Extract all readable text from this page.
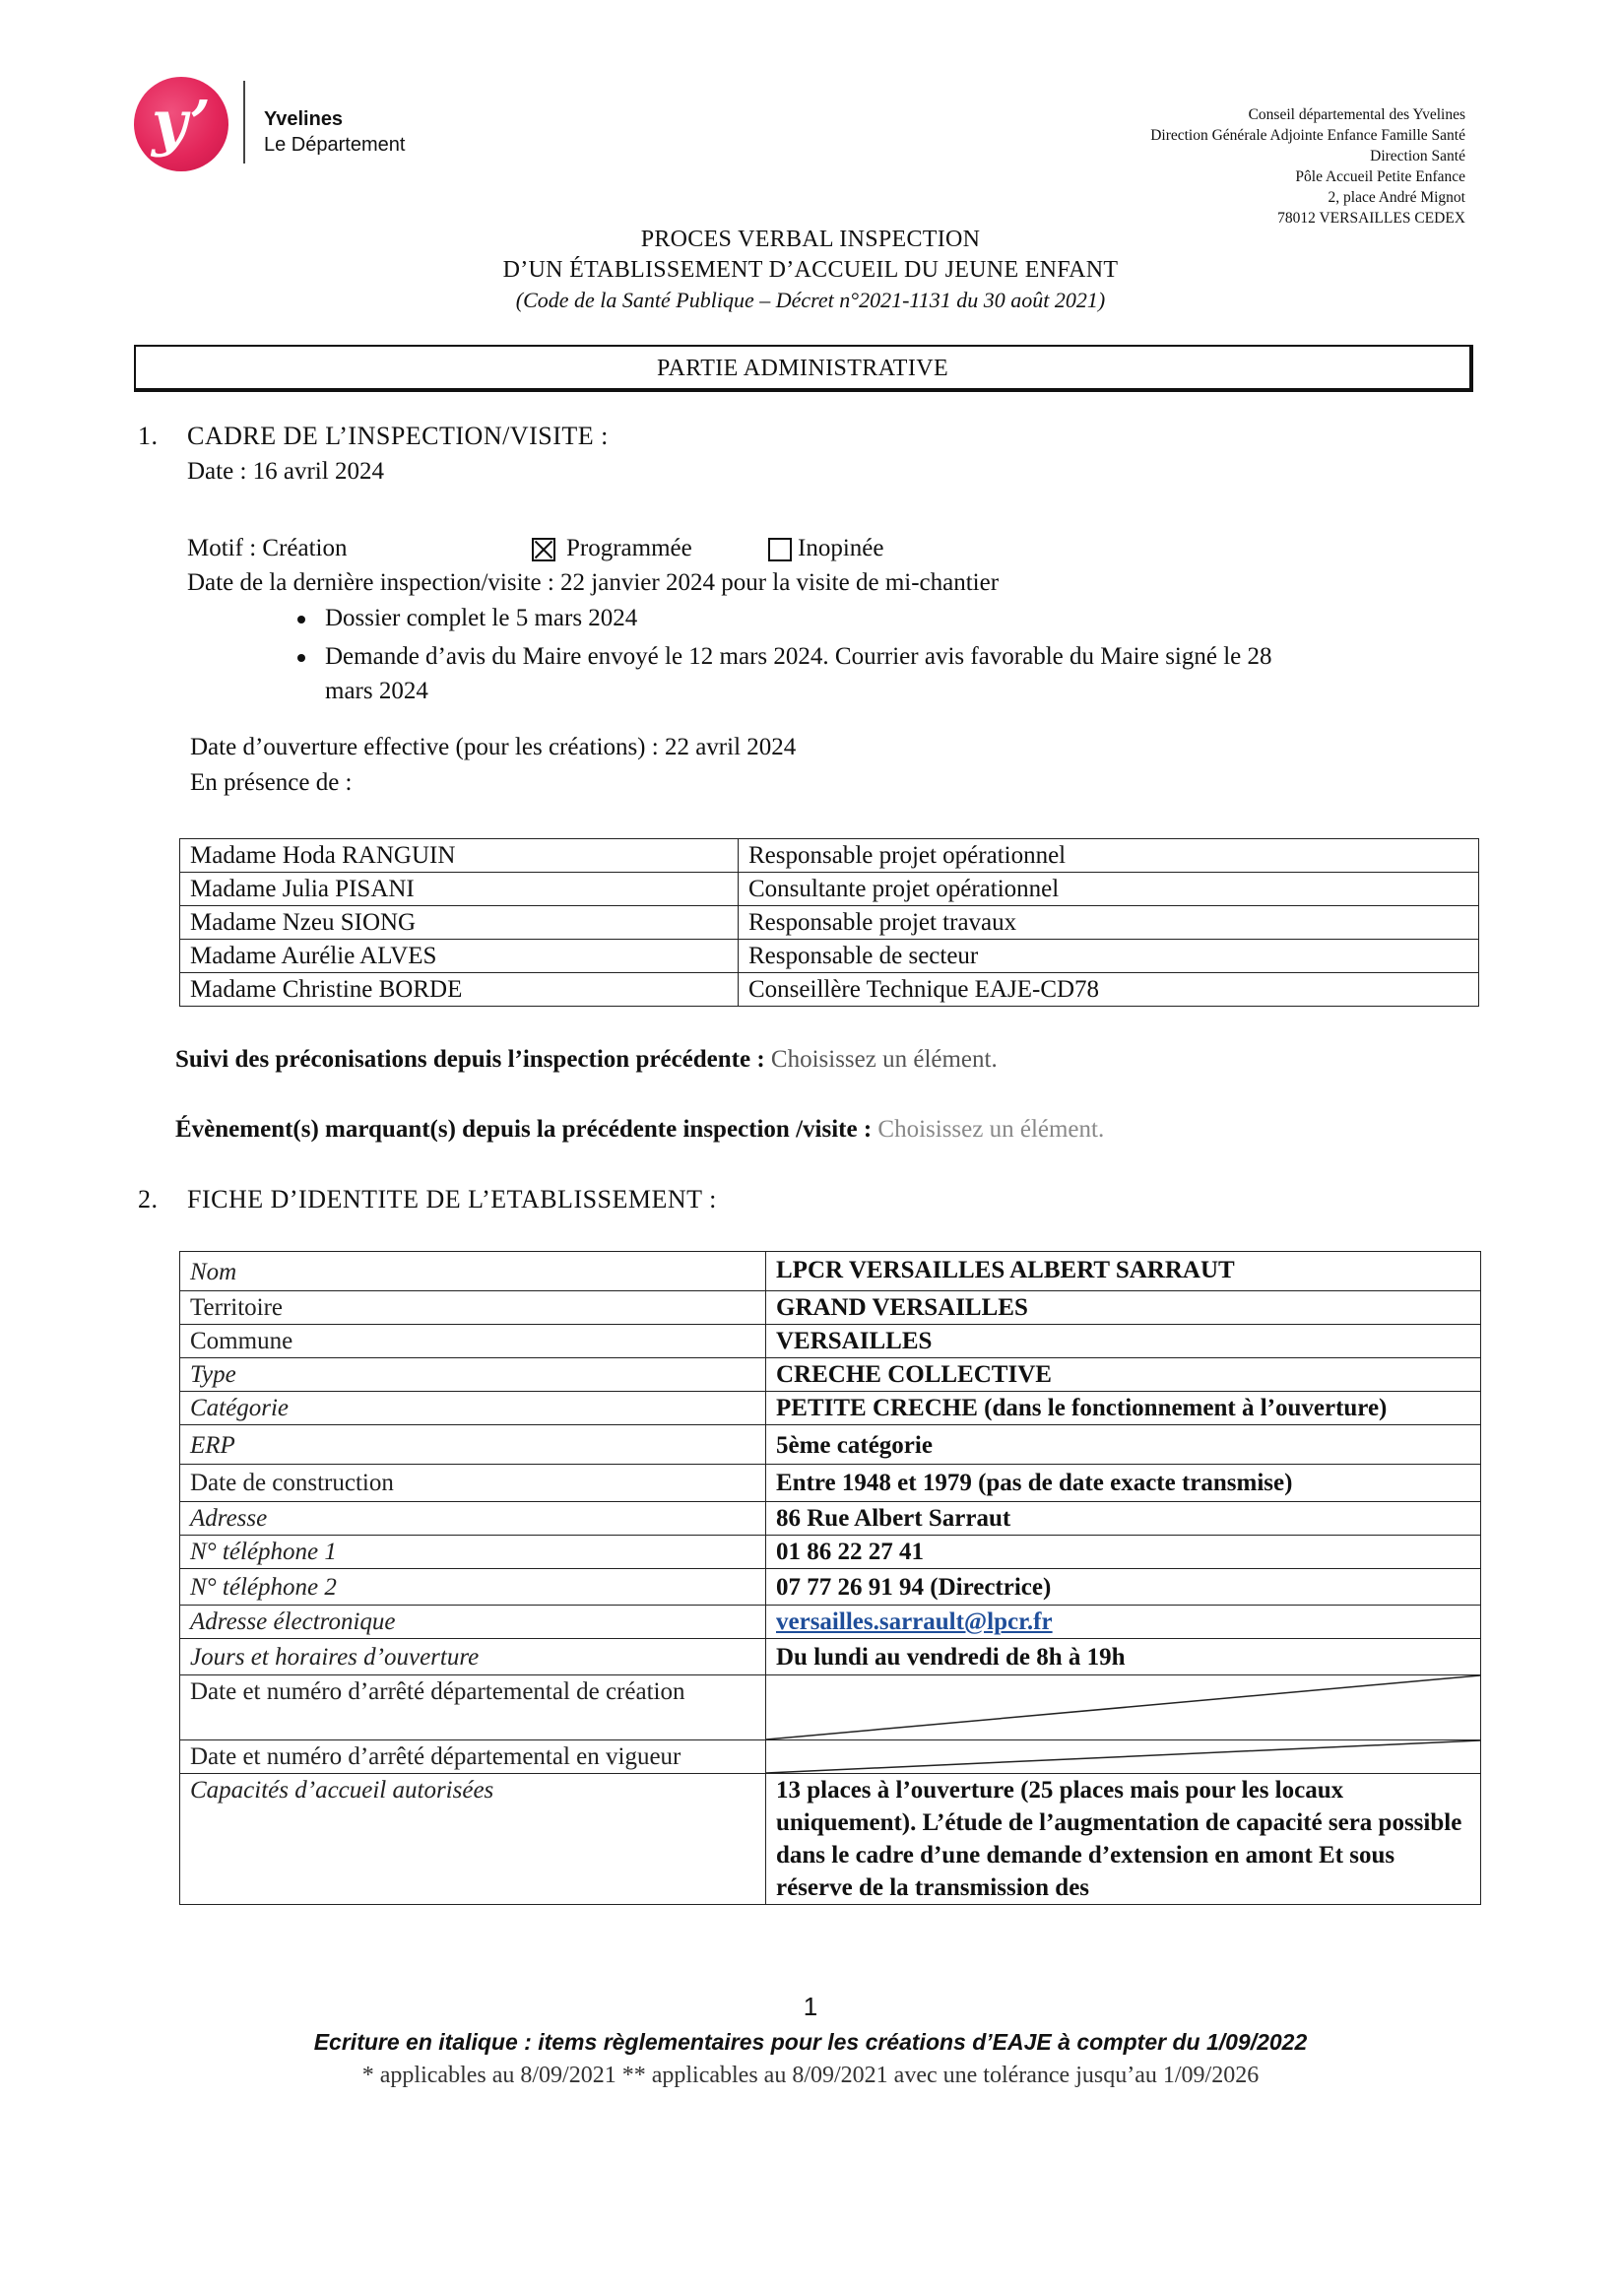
y’	Yvelines
Le Département
Conseil départemental des Yvelines
Direction Générale Adjointe Enfance Famille Santé
Direction Santé
Pôle Accueil Petite Enfance
2, place André Mignot
78012 VERSAILLES CEDEX
PROCES VERBAL INSPECTION
D’UN ÉTABLISSEMENT D’ACCUEIL DU JEUNE ENFANT
(Code de la Santé Publique – Décret n°2021-1131 du 30 août 2021)
PARTIE ADMINISTRATIVE
1. CADRE DE L’INSPECTION/VISITE :
Date : 16 avril 2024
Motif : Création	Programmée	Inopinée
Date de la dernière inspection/visite : 22 janvier 2024 pour la visite de mi-chantier
Dossier complet le 5 mars 2024
Demande d’avis du Maire envoyé le 12 mars 2024. Courrier avis favorable du Maire signé le 28
mars 2024
Date d’ouverture effective (pour les créations) : 22 avril 2024
En présence de :
Madame Hoda RANGUIN	Responsable projet opérationnel
Madame Julia PISANI	Consultante projet opérationnel
Madame Nzeu SIONG	Responsable projet travaux
Madame Aurélie ALVES	Responsable de secteur
Madame Christine BORDE	Conseillère Technique EAJE-CD78
Suivi des préconisations depuis l’inspection précédente : Choisissez un élément.
Évènement(s) marquant(s) depuis la précédente inspection /visite : Choisissez un élément.
2. FICHE D’IDENTITE DE L’ETABLISSEMENT :
Nom	LPCR VERSAILLES ALBERT SARRAUT
Territoire	GRAND VERSAILLES
Commune	VERSAILLES
Type	CRECHE COLLECTIVE
Catégorie	PETITE CRECHE (dans le fonctionnement à l’ouverture)
ERP	5ème catégorie
Date de construction	Entre 1948 et 1979 (pas de date exacte transmise)
Adresse	86 Rue Albert Sarraut
N° téléphone 1	01 86 22 27 41
N° téléphone 2	07 77 26 91 94 (Directrice)
Adresse électronique	versailles.sarrault@lpcr.fr
Jours et horaires d’ouverture	Du lundi au vendredi de 8h à 19h
Date et numéro d’arrêté départemental de création	

Date et numéro d’arrêté départemental en vigueur	

Capacités d’accueil autorisées	13 places à l’ouverture (25 places mais pour les locaux uniquement). L’étude de l’augmentation de capacité sera possible dans le cadre d’une demande d’extension en amont Et sous réserve de la transmission des
1
Ecriture en italique : items règlementaires pour les créations d’EAJE à compter du 1/09/2022
* applicables au 8/09/2021 ** applicables au 8/09/2021 avec une tolérance jusqu’au 1/09/2026
